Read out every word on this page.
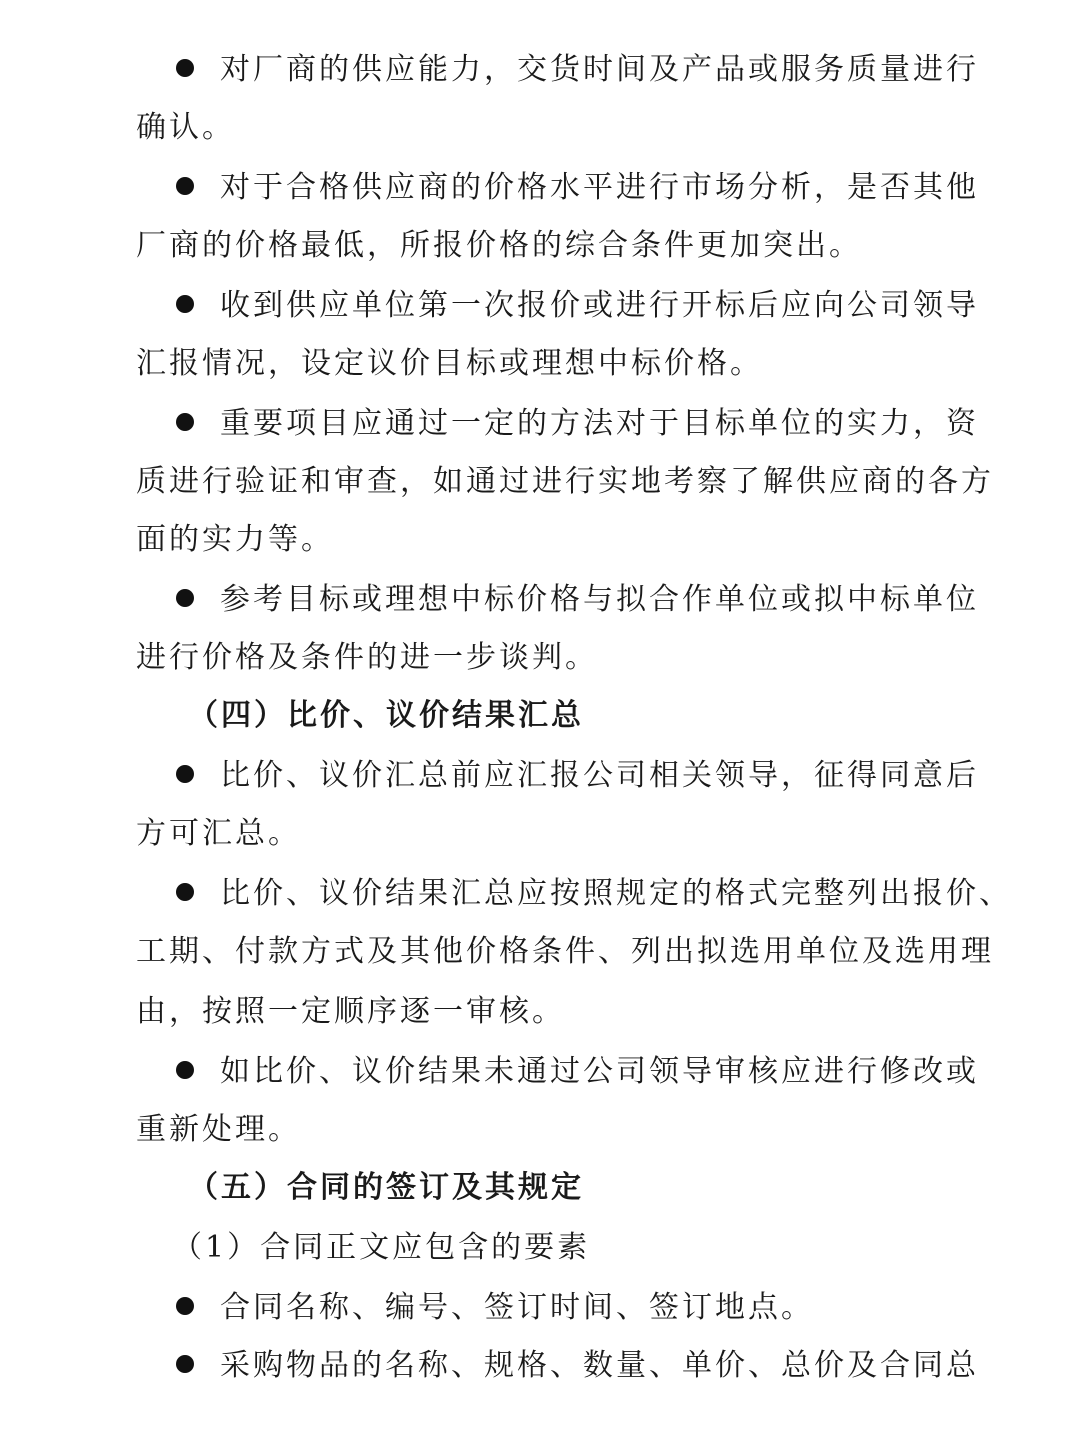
对厂商的供应能力，交货时间及产品或服务质量进行
确认。
对于合格供应商的价格水平进行市场分析，是否其他
厂商的价格最低，所报价格的综合条件更加突出。
收到供应单位第一次报价或进行开标后应向公司领导
汇报情况，设定议价目标或理想中标价格。
重要项目应通过一定的方法对于目标单位的实力，资
质进行验证和审查，如通过进行实地考察了解供应商的各方
面的实力等。
参考目标或理想中标价格与拟合作单位或拟中标单位
进行价格及条件的进一步谈判。
（四）比价、议价结果汇总
比价、议价汇总前应汇报公司相关领导，征得同意后
方可汇总。
比价、议价结果汇总应按照规定的格式完整列出报价、
工期、付款方式及其他价格条件、列出拟选用单位及选用理
由，按照一定顺序逐一审核。
如比价、议价结果未通过公司领导审核应进行修改或
重新处理。
（五）合同的签订及其规定
（1）合同正文应包含的要素
合同名称、编号、签订时间、签订地点。
采购物品的名称、规格、数量、单价、总价及合同总
